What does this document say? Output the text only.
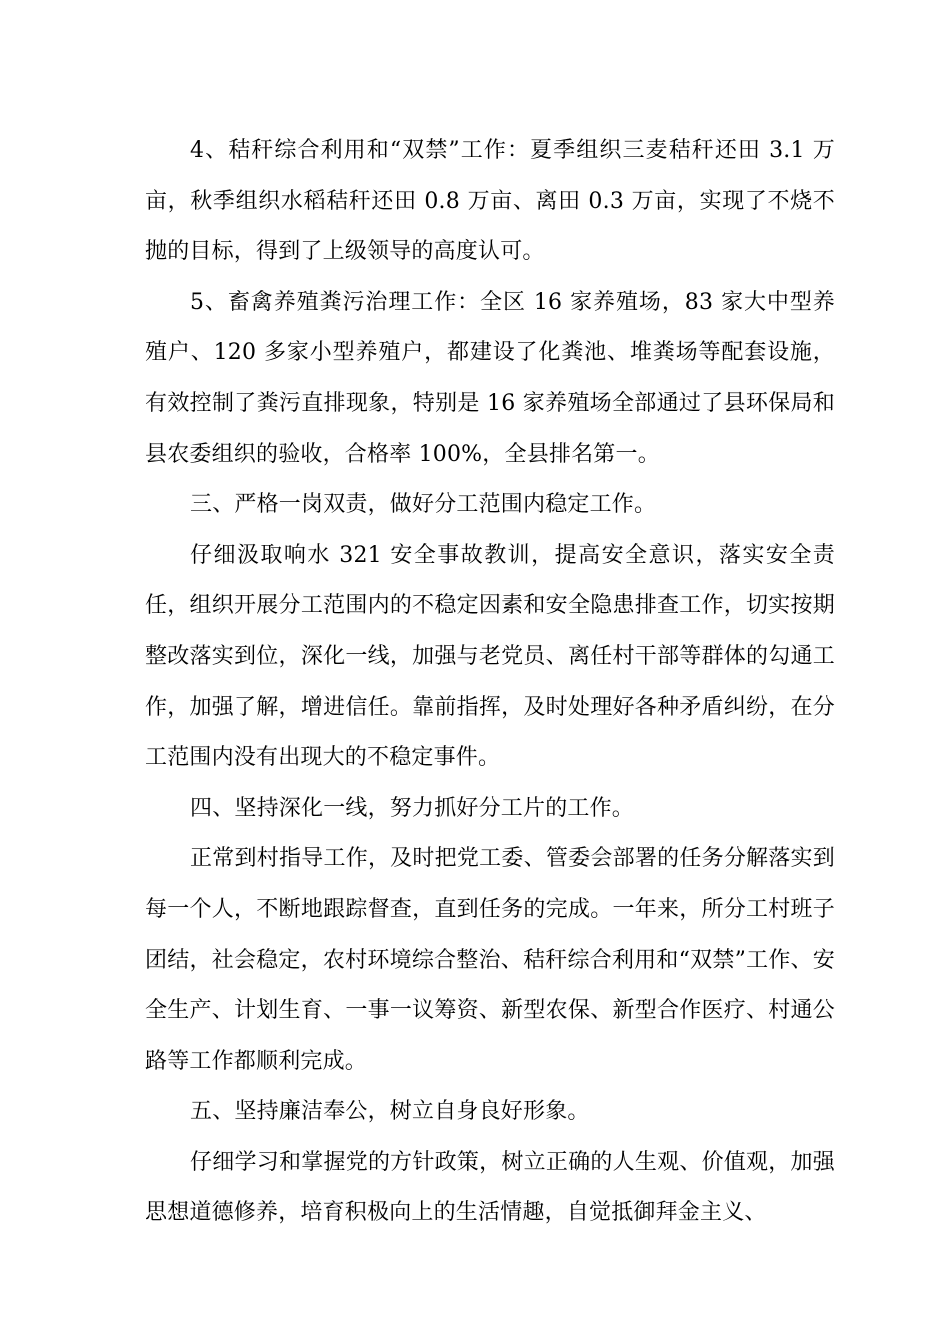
4、秸秆综合利用和“双禁”工作：夏季组织三麦秸秆还田 3.1 万亩，秋季组织水稻秸秆还田 0.8 万亩、离田 0.3 万亩，实现了不烧不抛的目标，得到了上级领导的高度认可。

5、畜禽养殖粪污治理工作：全区 16 家养殖场，83 家大中型养殖户、120 多家小型养殖户，都建设了化粪池、堆粪场等配套设施，有效控制了粪污直排现象，特别是 16 家养殖场全部通过了县环保局和县农委组织的验收，合格率 100%，全县排名第一。

三、严格一岗双责，做好分工范围内稳定工作。

仔细汲取响水 321 安全事故教训，提高安全意识，落实安全责任，组织开展分工范围内的不稳定因素和安全隐患排查工作，切实按期整改落实到位，深化一线，加强与老党员、离任村干部等群体的勾通工作，加强了解，增进信任。靠前指挥，及时处理好各种矛盾纠纷，在分工范围内没有出现大的不稳定事件。

四、坚持深化一线，努力抓好分工片的工作。

正常到村指导工作，及时把党工委、管委会部署的任务分解落实到每一个人，不断地跟踪督查，直到任务的完成。一年来，所分工村班子团结，社会稳定，农村环境综合整治、秸秆综合利用和“双禁”工作、安全生产、计划生育、一事一议筹资、新型农保、新型合作医疗、村通公路等工作都顺利完成。

五、坚持廉洁奉公，树立自身良好形象。

仔细学习和掌握党的方针政策，树立正确的人生观、价值观，加强思想道德修养，培育积极向上的生活情趣，自觉抵御拜金主义、
